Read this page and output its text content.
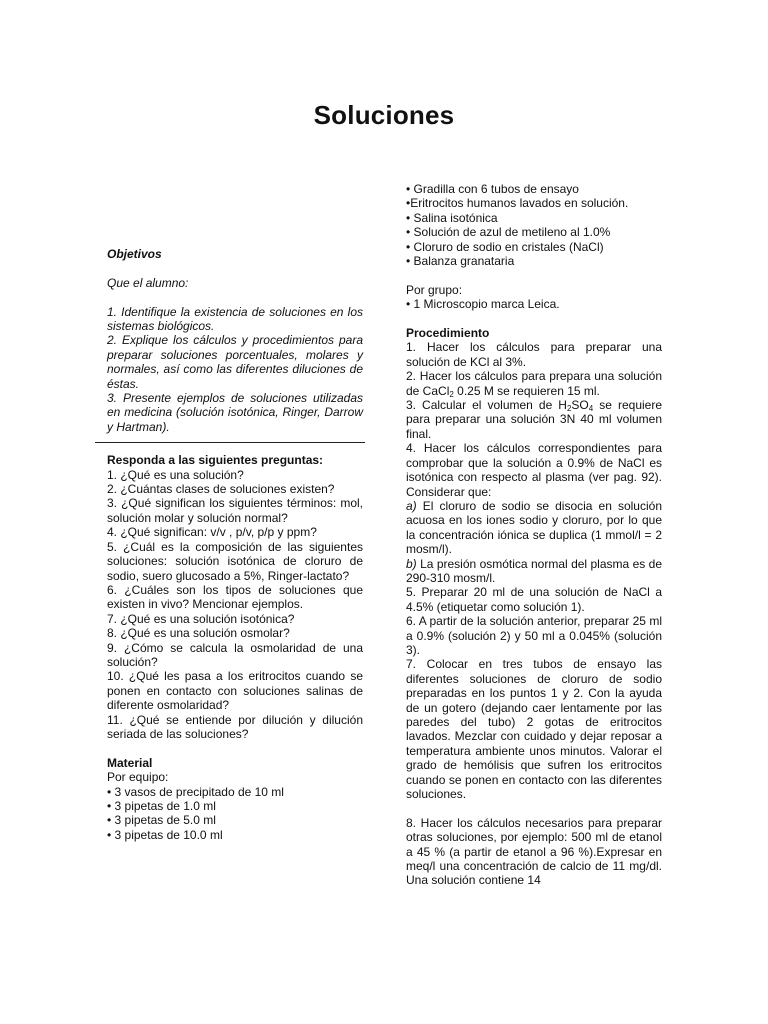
Soluciones

Objetivos

Que el alumno:

1. Identifique la existencia de soluciones en los sistemas biológicos.

2. Explique los cálculos y procedimientos para preparar soluciones porcentuales, molares y normales, así como las diferentes diluciones de éstas.

3. Presente ejemplos de soluciones utilizadas en medicina (solución isotónica, Ringer, Darrow y Hartman).

Responda a las siguientes preguntas:

1. ¿Qué es una solución?

2. ¿Cuántas clases de soluciones existen?

3. ¿Qué significan los siguientes términos: mol, solución molar y solución normal?

4. ¿Qué significan: v/v , p/v, p/p y ppm?

5. ¿Cuál es la composición de las siguientes soluciones: solución isotónica de cloruro de sodio, suero glucosado a 5%, Ringer-lactato?

6. ¿Cuáles son los tipos de soluciones que existen in vivo? Mencionar ejemplos.

7. ¿Qué es una solución isotónica?

8. ¿Qué es una solución osmolar?

9. ¿Cómo se calcula la osmolaridad de una solución?

10. ¿Qué les pasa a los eritrocitos cuando se ponen en contacto con soluciones salinas de diferente osmolaridad?

11. ¿Qué se entiende por dilución y dilución seriada de las soluciones?

Material

Por equipo:

• 3 vasos de precipitado de 10 ml

• 3 pipetas de 1.0 ml

• 3 pipetas de 5.0 ml

• 3 pipetas de 10.0 ml

• Gradilla con 6 tubos de ensayo

•Eritrocitos humanos lavados en solución.

• Salina isotónica

• Solución de azul de metileno al 1.0%

• Cloruro de sodio en cristales (NaCl)

• Balanza granataria

Por grupo:

• 1 Microscopio marca Leica.

Procedimiento

1. Hacer los cálculos para preparar una solución de KCl al 3%.

2. Hacer los cálculos para prepara una solución de CaCl$_2$ 0.25 M se requieren 15 ml.

3. Calcular el volumen de $H_2SO_4$ se requiere para preparar una solución 3N 40 ml volumen final.

4. Hacer los cálculos correspondientes para comprobar que la solución a 0.9% de NaCl es isotónica con respecto al plasma (ver pag. 92). Considerar que:

a) El cloruro de sodio se disocia en solución acuosa en los iones sodio y cloruro, por lo que la concentración iónica se duplica (1 mmol/l = 2 mosm/l).

b) La presión osmótica normal del plasma es de 290-310 mosm/l.

5. Preparar 20 ml de una solución de NaCl a 4.5% (etiquetar como solución 1).

6. A partir de la solución anterior, preparar 25 ml a 0.9% (solución 2) y 50 ml a 0.045% (solución 3).

7. Colocar en tres tubos de ensayo las diferentes soluciones de cloruro de sodio preparadas en los puntos 1 y 2. Con la ayuda de un gotero (dejando caer lentamente por las paredes del tubo) 2 gotas de eritrocitos lavados. Mezclar con cuidado y dejar reposar a temperatura ambiente unos minutos. Valorar el grado de hemólisis que sufren los eritrocitos cuando se ponen en contacto con las diferentes soluciones.

8. Hacer los cálculos necesarios para preparar otras soluciones, por ejemplo: 500 ml de etanol a 45 % (a partir de etanol a 96 %).Expresar en meq/l una concentración de calcio de 11 mg/dl. Una solución contiene 14
